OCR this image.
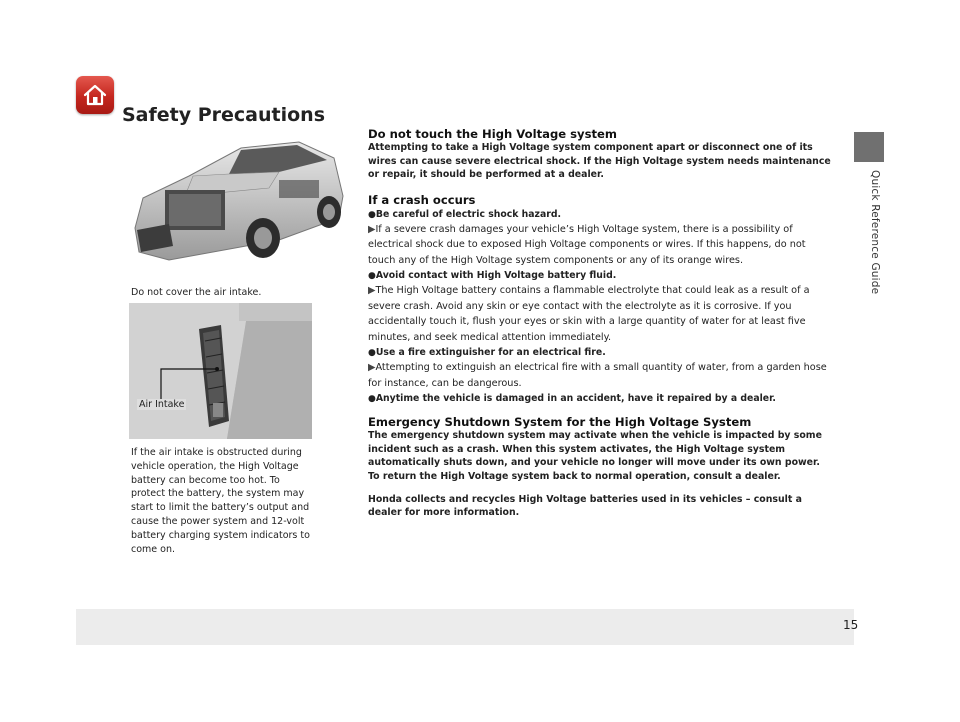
Safety Precautions
Quick Reference Guide
Do not cover the air intake.
Air Intake
If the air intake is obstructed during vehicle operation, the High Voltage battery can become too hot. To protect the battery, the system may start to limit the battery’s output and cause the power system and 12-volt battery charging system indicators to come on.
Do not touch the High Voltage system
Attempting to take a High Voltage system component apart or disconnect one of its wires can cause severe electrical shock. If the High Voltage system needs maintenance or repair, it should be performed at a dealer.
If a crash occurs
●Be careful of electric shock hazard.
▶If a severe crash damages your vehicle’s High Voltage system, there is a possibility of electrical shock due to exposed High Voltage components or wires. If this happens, do not touch any of the High Voltage system components or any of its orange wires.
●Avoid contact with High Voltage battery fluid.
▶The High Voltage battery contains a flammable electrolyte that could leak as a result of a severe crash. Avoid any skin or eye contact with the electrolyte as it is corrosive. If you accidentally touch it, flush your eyes or skin with a large quantity of water for at least five minutes, and seek medical attention immediately.
●Use a fire extinguisher for an electrical fire.
▶Attempting to extinguish an electrical fire with a small quantity of water, from a garden hose for instance, can be dangerous.
●Anytime the vehicle is damaged in an accident, have it repaired by a dealer.
Emergency Shutdown System for the High Voltage System
The emergency shutdown system may activate when the vehicle is impacted by some incident such as a crash. When this system activates, the High Voltage system automatically shuts down, and your vehicle no longer will move under its own power. To return the High Voltage system back to normal operation, consult a dealer.
Honda collects and recycles High Voltage batteries used in its vehicles – consult a dealer for more information.
15
